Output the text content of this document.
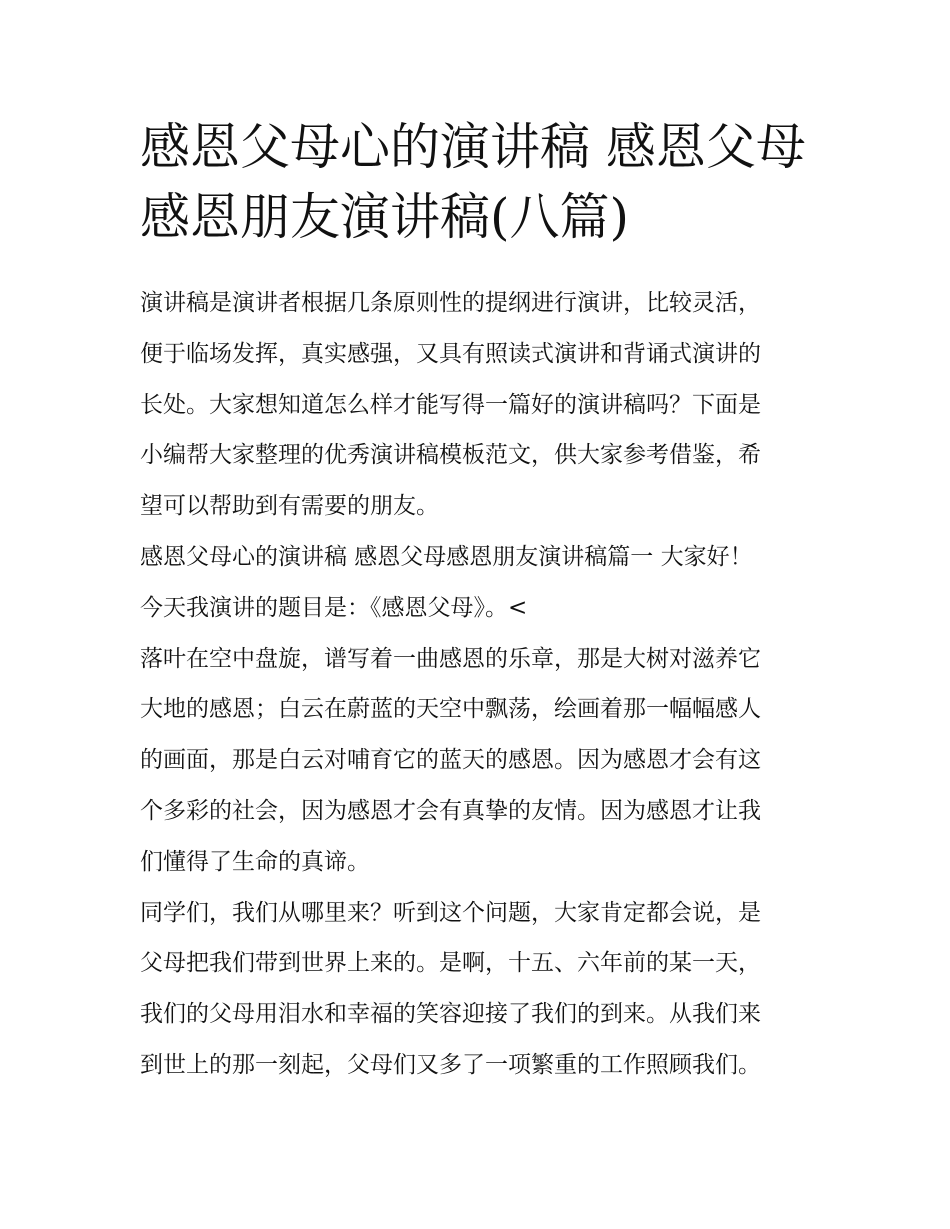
感恩父母心的演讲稿 感恩父母
感恩朋友演讲稿(八篇)
演讲稿是演讲者根据几条原则性的提纲进行演讲，比较灵活，
便于临场发挥，真实感强，又具有照读式演讲和背诵式演讲的
长处。大家想知道怎么样才能写得一篇好的演讲稿吗？下面是
小编帮大家整理的优秀演讲稿模板范文，供大家参考借鉴，希
望可以帮助到有需要的朋友。
感恩父母心的演讲稿 感恩父母感恩朋友演讲稿篇一 大家好！
今天我演讲的题目是：《感恩父母》。<
落叶在空中盘旋，谱写着一曲感恩的乐章，那是大树对滋养它
大地的感恩；白云在蔚蓝的天空中飘荡，绘画着那一幅幅感人
的画面，那是白云对哺育它的蓝天的感恩。因为感恩才会有这
个多彩的社会，因为感恩才会有真挚的友情。因为感恩才让我
们懂得了生命的真谛。
同学们，我们从哪里来？听到这个问题，大家肯定都会说，是
父母把我们带到世界上来的。是啊，十五、六年前的某一天，
我们的父母用泪水和幸福的笑容迎接了我们的到来。从我们来
到世上的那一刻起，父母们又多了一项繁重的工作照顾我们。
